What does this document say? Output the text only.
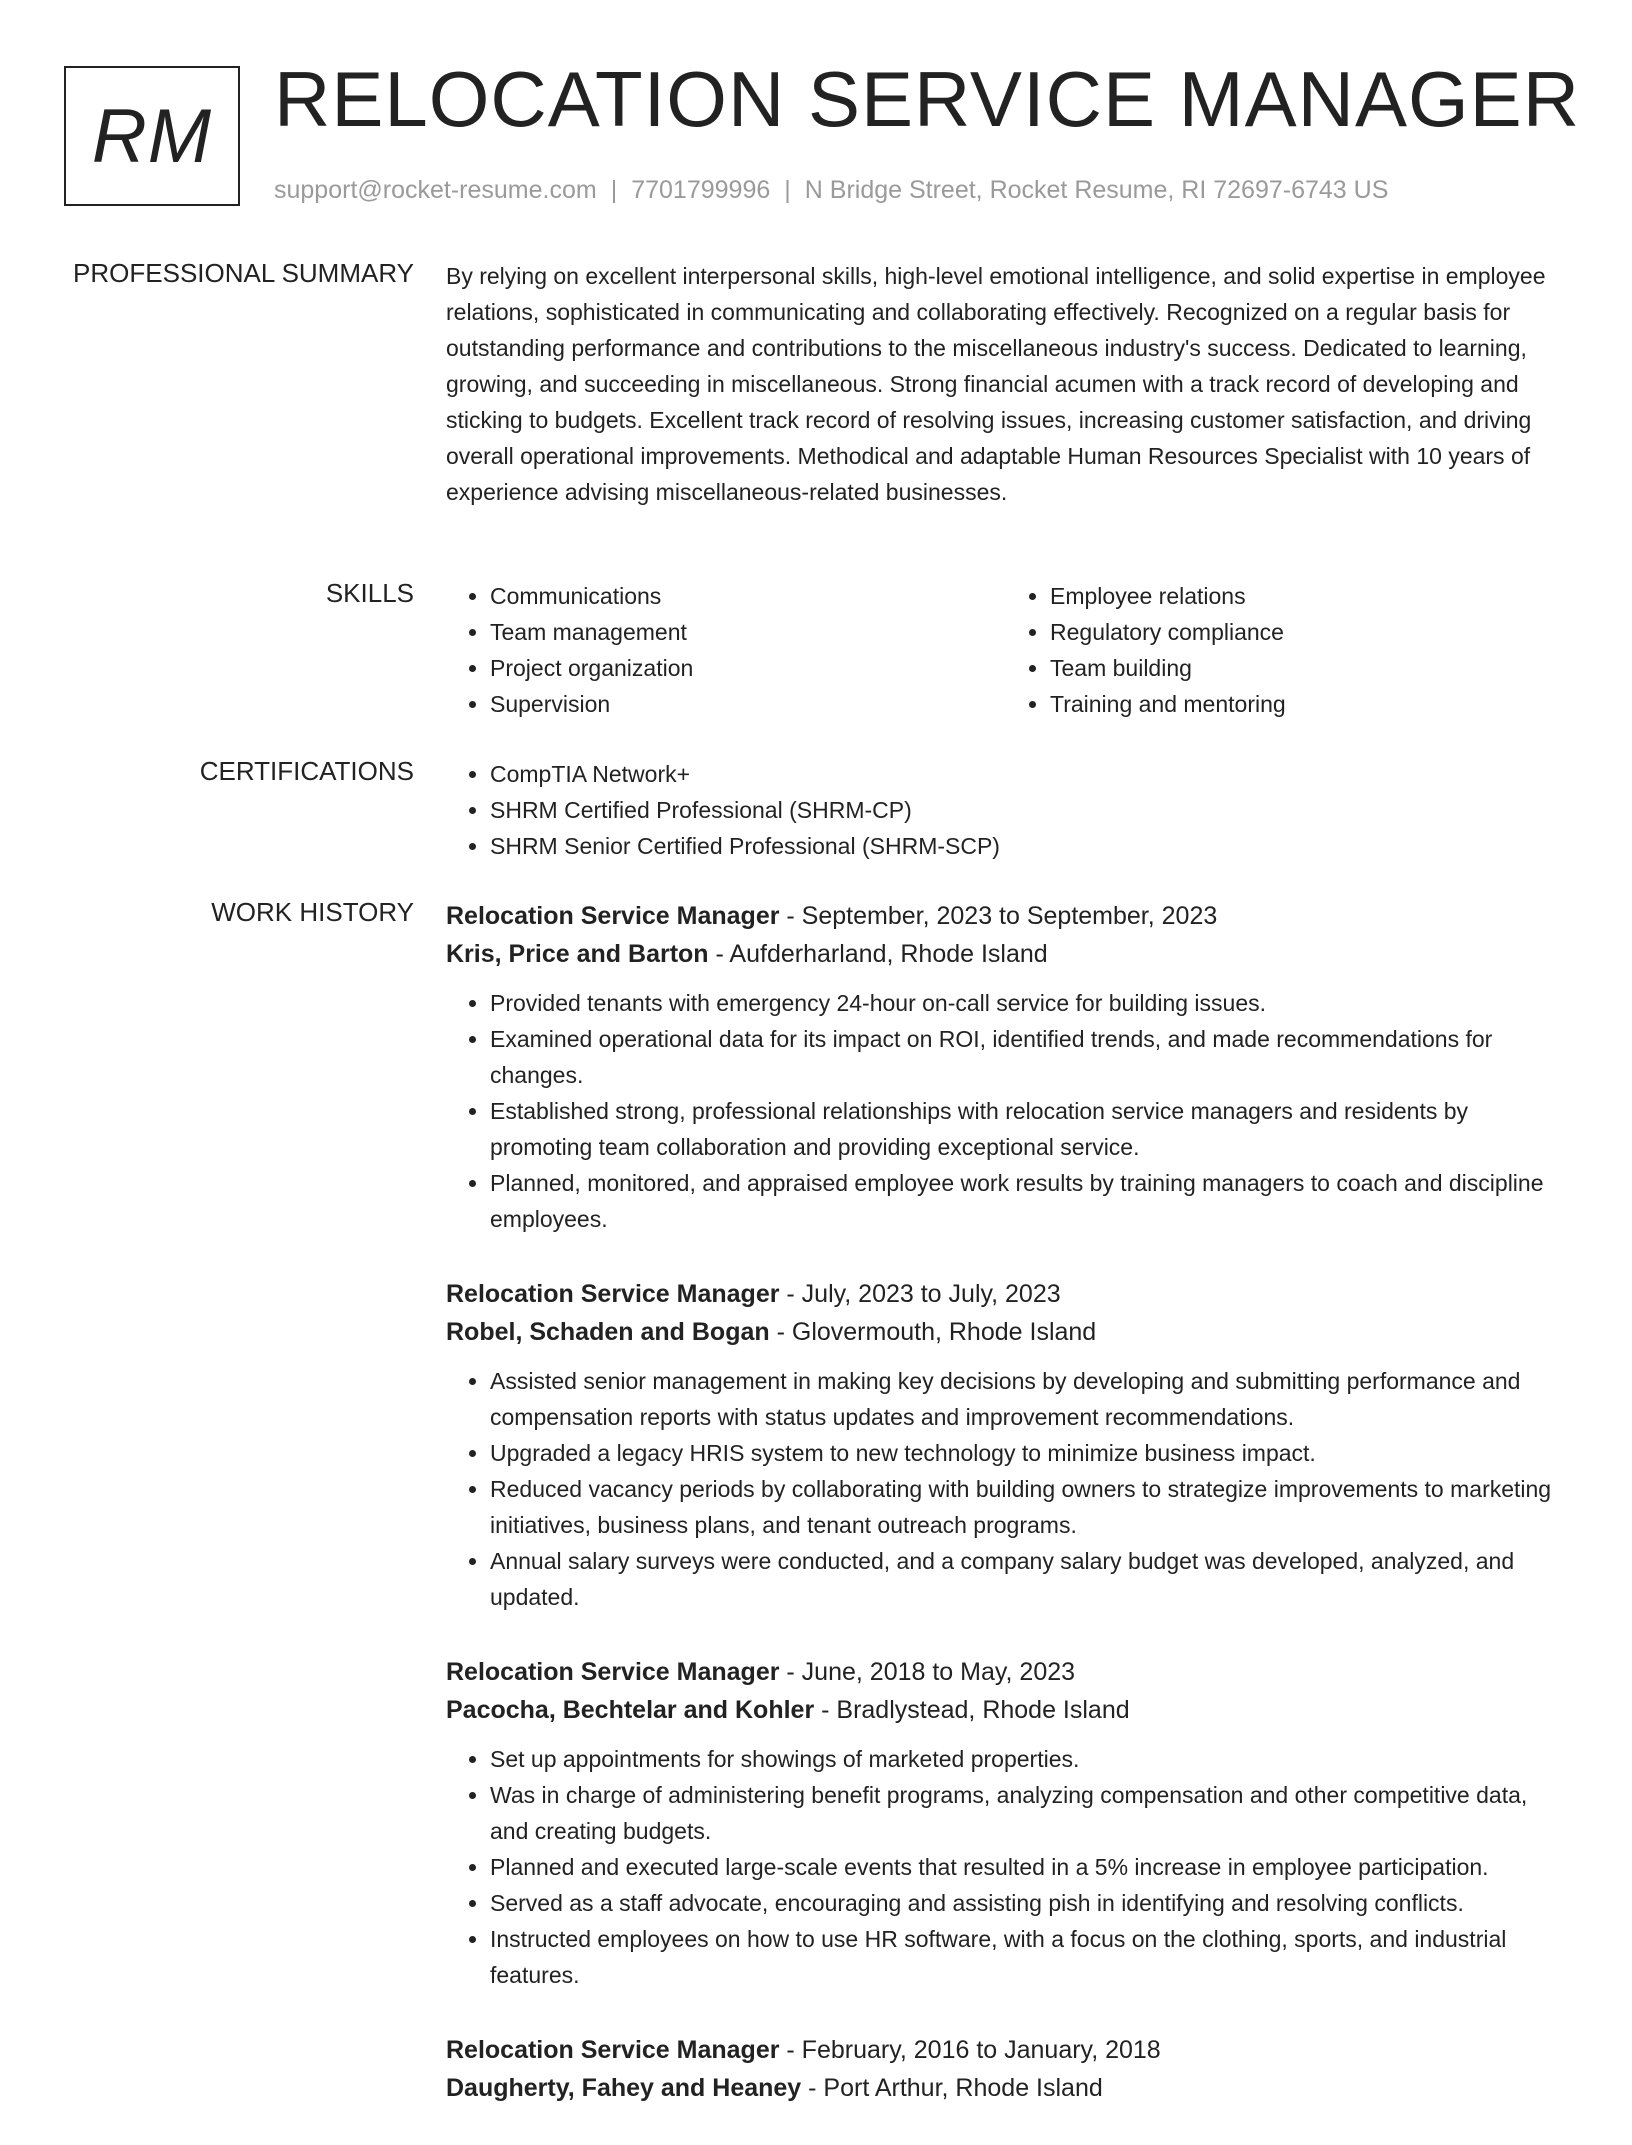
RM RELOCATION SERVICE MANAGER
support@rocket-resume.com | 7701799996 | N Bridge Street, Rocket Resume, RI 72697-6743 US
PROFESSIONAL SUMMARY By relying on excellent interpersonal skills, high-level emotional intelligence, and solid expertise in employee relations, sophisticated in communicating and collaborating effectively. Recognized on a regular basis for outstanding performance and contributions to the miscellaneous industry's success. Dedicated to learning, growing, and succeeding in miscellaneous. Strong financial acumen with a track record of developing and sticking to budgets. Excellent track record of resolving issues, increasing customer satisfaction, and driving overall operational improvements. Methodical and adaptable Human Resources Specialist with 10 years of experience advising miscellaneous-related businesses.

SKILLS	• Communications
• Team management
• Project organization
• Supervision
• Employee relations
• Regulatory compliance
• Team building
• Training and mentoring
CERTIFICATIONS	• CompTIA Network+
• SHRM Certified Professional (SHRM-CP)
• SHRM Senior Certified Professional (SHRM-SCP)
WORK HISTORY Relocation Service Manager - September, 2023 to September, 2023
Kris, Price and Barton - Aufderharland, Rhode Island
• Provided tenants with emergency 24-hour on-call service for building issues.
• Examined operational data for its impact on ROI, identified trends, and made recommendations for changes.
• Established strong, professional relationships with relocation service managers and residents by promoting team collaboration and providing exceptional service.
• Planned, monitored, and appraised employee work results by training managers to coach and discipline employees.
Relocation Service Manager - July, 2023 to July, 2023
Robel, Schaden and Bogan - Glovermouth, Rhode Island
• Assisted senior management in making key decisions by developing and submitting performance and compensation reports with status updates and improvement recommendations.
• Upgraded a legacy HRIS system to new technology to minimize business impact.
• Reduced vacancy periods by collaborating with building owners to strategize improvements to marketing initiatives, business plans, and tenant outreach programs.
• Annual salary surveys were conducted, and a company salary budget was developed, analyzed, and updated.
Relocation Service Manager - June, 2018 to May, 2023
Pacocha, Bechtelar and Kohler - Bradlystead, Rhode Island
• Set up appointments for showings of marketed properties.
• Was in charge of administering benefit programs, analyzing compensation and other competitive data, and creating budgets.
• Planned and executed large-scale events that resulted in a 5% increase in employee participation.
• Served as a staff advocate, encouraging and assisting pish in identifying and resolving conflicts.
• Instructed employees on how to use HR software, with a focus on the clothing, sports, and industrial features.
Relocation Service Manager - February, 2016 to January, 2018
Daugherty, Fahey and Heaney - Port Arthur, Rhode Island
